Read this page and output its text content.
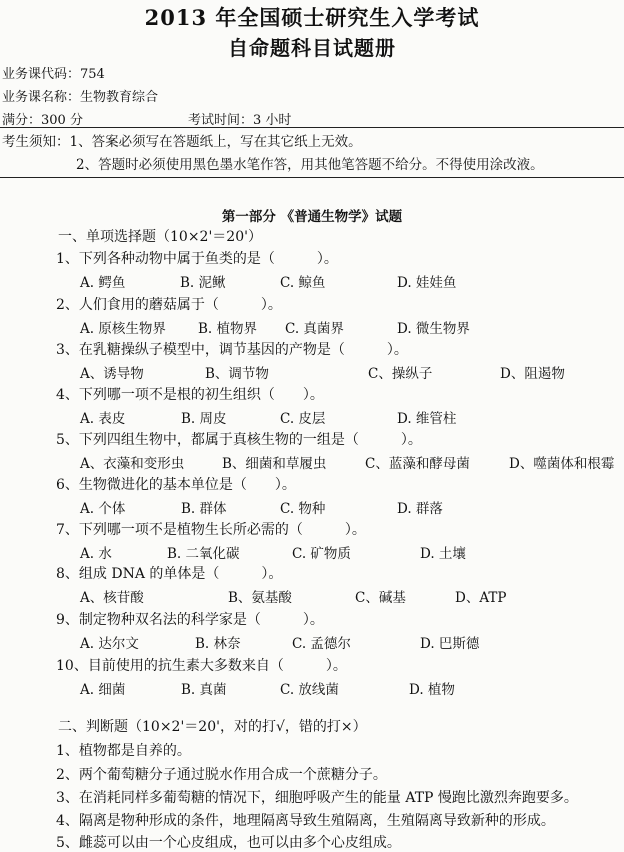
2013 年全国硕士研究生入学考试
自命题科目试题册
业务课代码：754
业务课名称：生物教育综合
满分：300 分	考试时间：3 小时
考生须知：1、答案必须写在答题纸上，写在其它纸上无效。
2、答题时必须使用黑色墨水笔作答，用其他笔答题不给分。不得使用涂改液。
第一部分 《普通生物学》试题
一、单项选择题（10×2'＝20'）
1、下列各种动物中属于鱼类的是（　　　）。
A. 鳄鱼	B. 泥鳅	C. 鲸鱼	D. 娃娃鱼
2、人们食用的蘑菇属于（　　　）。
A. 原核生物界 B. 植物界 C. 真菌界	D. 微生物界
3、在乳糖操纵子模型中，调节基因的产物是（　　　）。
A、诱导物	B、调节物	C、操纵子	D、阻遏物
4、下列哪一项不是根的初生组织（　　）。
A. 表皮	B. 周皮	C. 皮层	D. 维管柱
5、下列四组生物中，都属于真核生物的一组是（　　　）。
A、衣藻和变形虫	B、细菌和草履虫	C、蓝藻和酵母菌	D、噬菌体和根霉
6、生物微进化的基本单位是（　　）。
A. 个体	B. 群体	C. 物种	D. 群落
7、下列哪一项不是植物生长所必需的（　　　）。
A. 水	B. 二氧化碳	C. 矿物质	D. 土壤
8、组成 DNA 的单体是（　　　）。
A、核苷酸	B、氨基酸	C、碱基	D、ATP
9、制定物种双名法的科学家是（　　　）。
A. 达尔文	B. 林奈	C. 孟德尔	D. 巴斯德
10、目前使用的抗生素大多数来自（　　　）。
A. 细菌	B. 真菌	C. 放线菌	D. 植物
二、判断题（10×2'＝20'，对的打√，错的打×）
1、植物都是自养的。
2、两个葡萄糖分子通过脱水作用合成一个蔗糖分子。
3、在消耗同样多葡萄糖的情况下，细胞呼吸产生的能量 ATP 慢跑比激烈奔跑要多。
4、隔离是物种形成的条件，地理隔离导致生殖隔离，生殖隔离导致新种的形成。
5、雌蕊可以由一个心皮组成，也可以由多个心皮组成。
